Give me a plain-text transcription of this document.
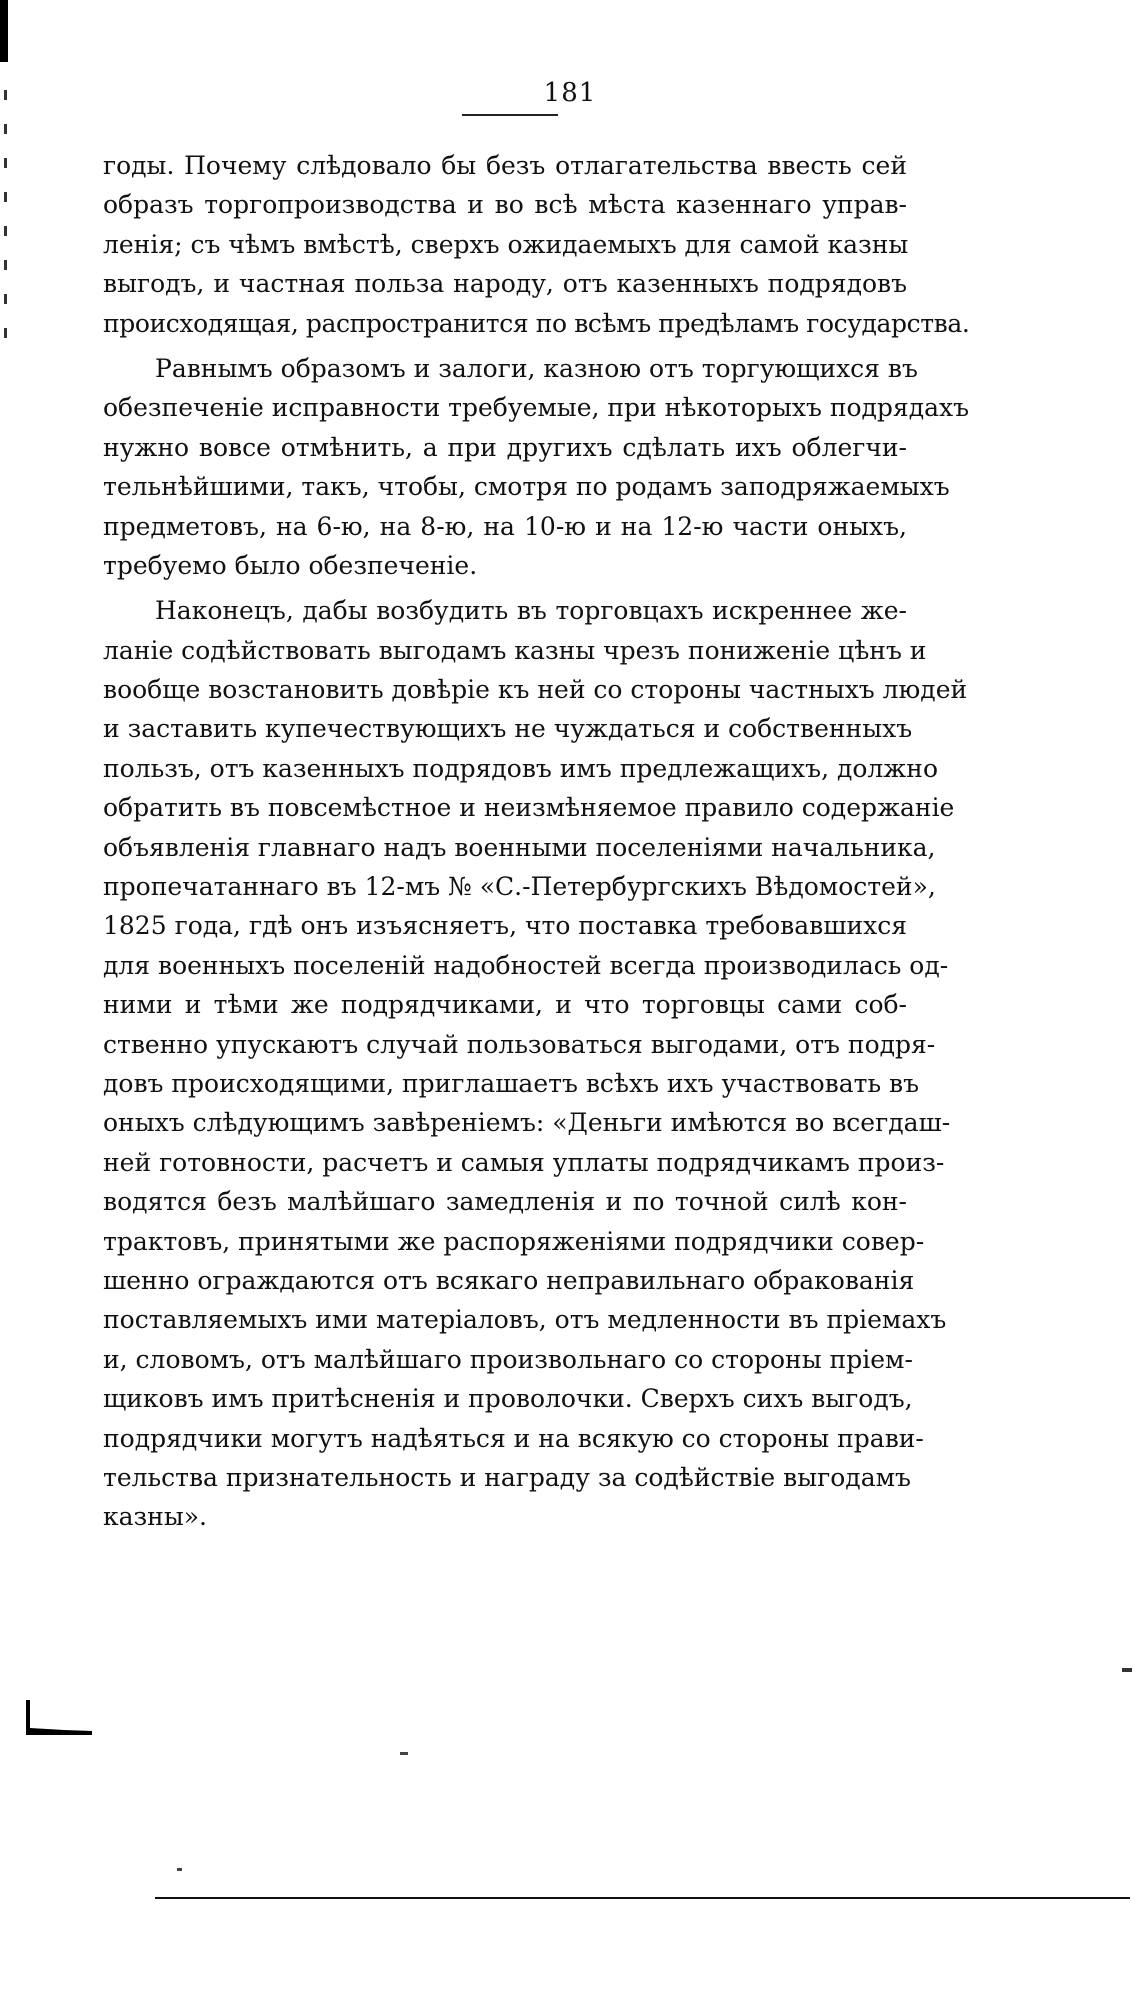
181
годы. Почему слѣдовало бы безъ отлагательства ввесть сей
образъ торгопроизводства и во всѣ мѣста казеннаго управ-
ленія; съ чѣмъ вмѣстѣ, сверхъ ожидаемыхъ для самой казны
выгодъ, и частная польза народу, отъ казенныхъ подрядовъ
происходящая, распространится по всѣмъ предѣламъ государства.
Равнымъ образомъ и залоги, казною отъ торгующихся въ
обезпеченіе исправности требуемые, при нѣкоторыхъ подрядахъ
нужно вовсе отмѣнить, а при другихъ сдѣлать ихъ облегчи-
тельнѣйшими, такъ, чтобы, смотря по родамъ заподряжаемыхъ
предметовъ, на 6-ю, на 8-ю, на 10-ю и на 12-ю части оныхъ,
требуемо было обезпеченіе.
Наконецъ, дабы возбудить въ торговцахъ искреннее же-
ланіе содѣйствовать выгодамъ казны чрезъ пониженіе цѣнъ и
вообще возстановить довѣріе къ ней со стороны частныхъ людей
и заставить купечествующихъ не чуждаться и собственныхъ
пользъ, отъ казенныхъ подрядовъ имъ предлежащихъ, должно
обратить въ повсемѣстное и неизмѣняемое правило содержаніе
объявленія главнаго надъ военными поселеніями начальника,
пропечатаннаго въ 12-мъ № «С.-Петербургскихъ Вѣдомостей»,
1825 года, гдѣ онъ изъясняетъ, что поставка требовавшихся
для военныхъ поселеній надобностей всегда производилась од-
ними и тѣми же подрядчиками, и что торговцы сами соб-
ственно упускаютъ случай пользоваться выгодами, отъ подря-
довъ происходящими, приглашаетъ всѣхъ ихъ участвовать въ
оныхъ слѣдующимъ завѣреніемъ: «Деньги имѣются во всегдаш-
ней готовности, расчетъ и самыя уплаты подрядчикамъ произ-
водятся безъ малѣйшаго замедленія и по точной силѣ кон-
трактовъ, принятыми же распоряженіями подрядчики совер-
шенно ограждаются отъ всякаго неправильнаго обракованія
поставляемыхъ ими матеріаловъ, отъ медленности въ пріемахъ
и, словомъ, отъ малѣйшаго произвольнаго со стороны пріем-
щиковъ имъ притѣсненія и проволочки. Сверхъ сихъ выгодъ,
подрядчики могутъ надѣяться и на всякую со стороны прави-
тельства признательность и награду за содѣйствіе выгодамъ
казны».
